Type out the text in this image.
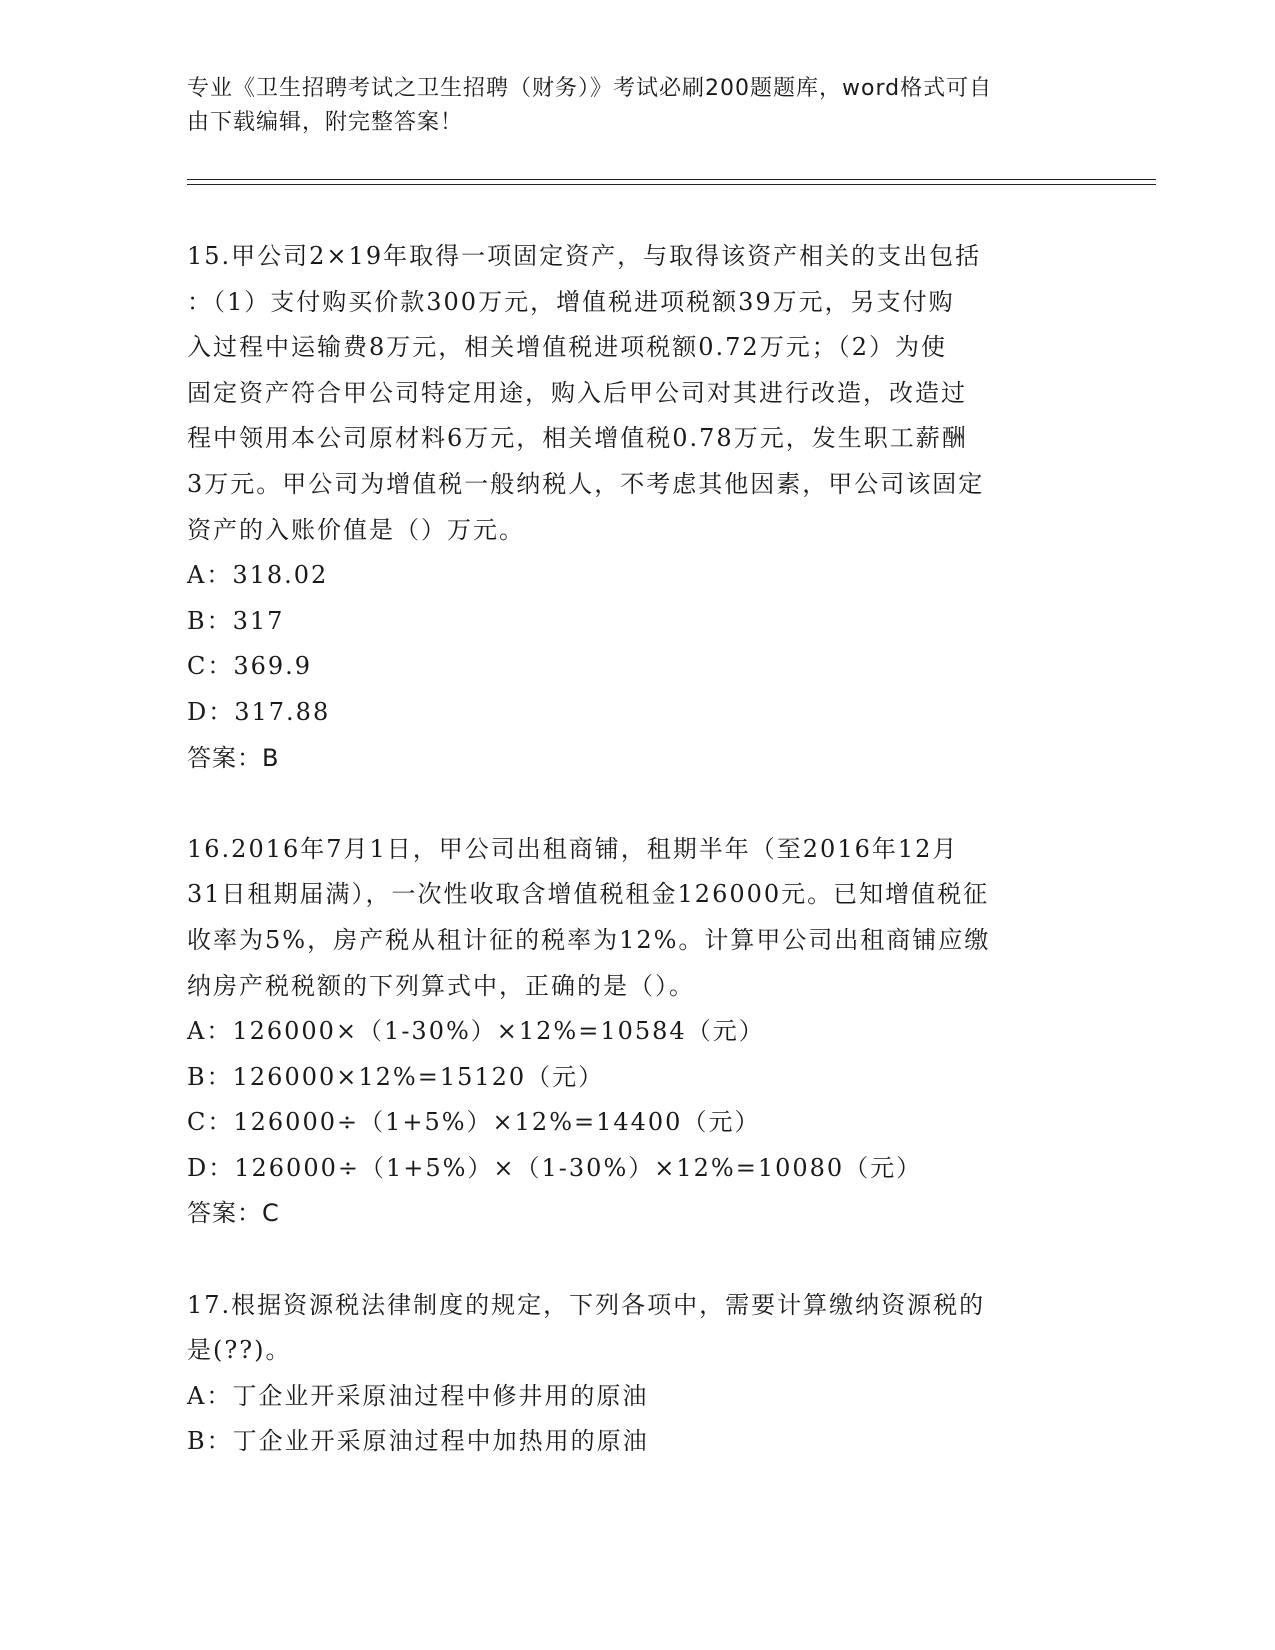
专业《卫生招聘考试之卫生招聘（财务）》考试必刷200题题库，word格式可自
由下载编辑，附完整答案！

15.甲公司2×19年取得一项固定资产，与取得该资产相关的支出包括

：（1）支付购买价款300万元，增值税进项税额39万元，另支付购

入过程中运输费8万元，相关增值税进项税额0.72万元；（2）为使

固定资产符合甲公司特定用途，购入后甲公司对其进行改造，改造过

程中领用本公司原材料6万元，相关增值税0.78万元，发生职工薪酬

3万元。甲公司为增值税一般纳税人，不考虑其他因素，甲公司该固定

资产的入账价值是（）万元。

A：318.02

B：317

C：369.9

D：317.88

答案：B

16.2016年7月1日，甲公司出租商铺，租期半年（至2016年12月

31日租期届满），一次性收取含增值税租金126000元。已知增值税征

收率为5%，房产税从租计征的税率为12%。计算甲公司出租商铺应缴

纳房产税税额的下列算式中，正确的是（）。

A：126000×（1-30%）×12%=10584（元）

B：126000×12%=15120（元）

C：126000÷（1+5%）×12%=14400（元）

D：126000÷（1+5%）×（1-30%）×12%=10080（元）

答案：C

17.根据资源税法律制度的规定，下列各项中，需要计算缴纳资源税的

是(??)。

A：丁企业开采原油过程中修井用的原油

B：丁企业开采原油过程中加热用的原油
